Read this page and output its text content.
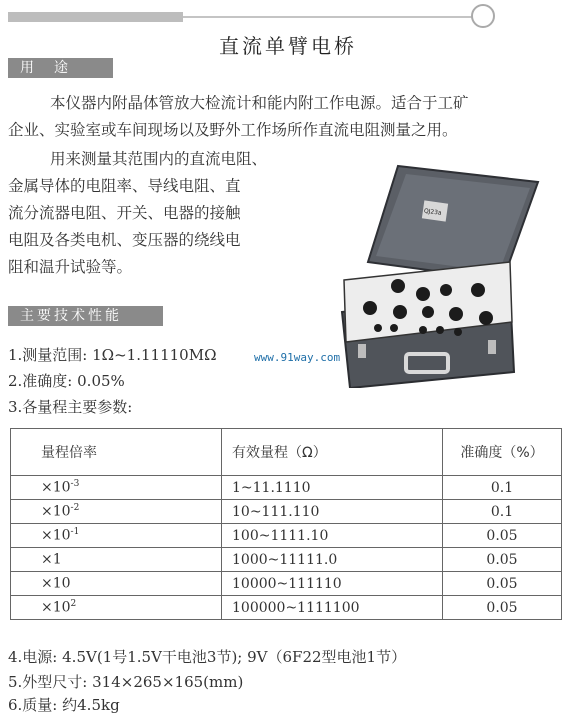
直流单臂电桥
用　途
本仪器内附晶体管放大检流计和能内附工作电源。适合于工矿
企业、实验室或车间现场以及野外工作场所作直流电阻测量之用。
用来测量其范围内的直流电阻、
金属导体的电阻率、导线电阻、直
流分流器电阻、开关、电器的接触
电阻及各类电机、变压器的绕线电
阻和温升试验等。
QJ23a
www.91way.com
主要技术性能
1.测量范围: 1Ω~1.11110MΩ
2.准确度: 0.05%
3.各量程主要参数:
量程倍率	有效量程（Ω）	准确度（%）
$\times 10^{-3}$	1~11.1110	0.1
$\times 10^{-2}$	10~111.110	0.1
$\times 10^{-1}$	100~1111.10	0.05
×1	1000~11111.0	0.05
×10	10000~111110	0.05
$\times 10^2$	100000~1111100	0.05
4.电源: 4.5V(1号1.5V干电池3节); 9V（6F22型电池1节）
5.外型尺寸: 314×265×165(mm)
6.质量: 约4.5kg
